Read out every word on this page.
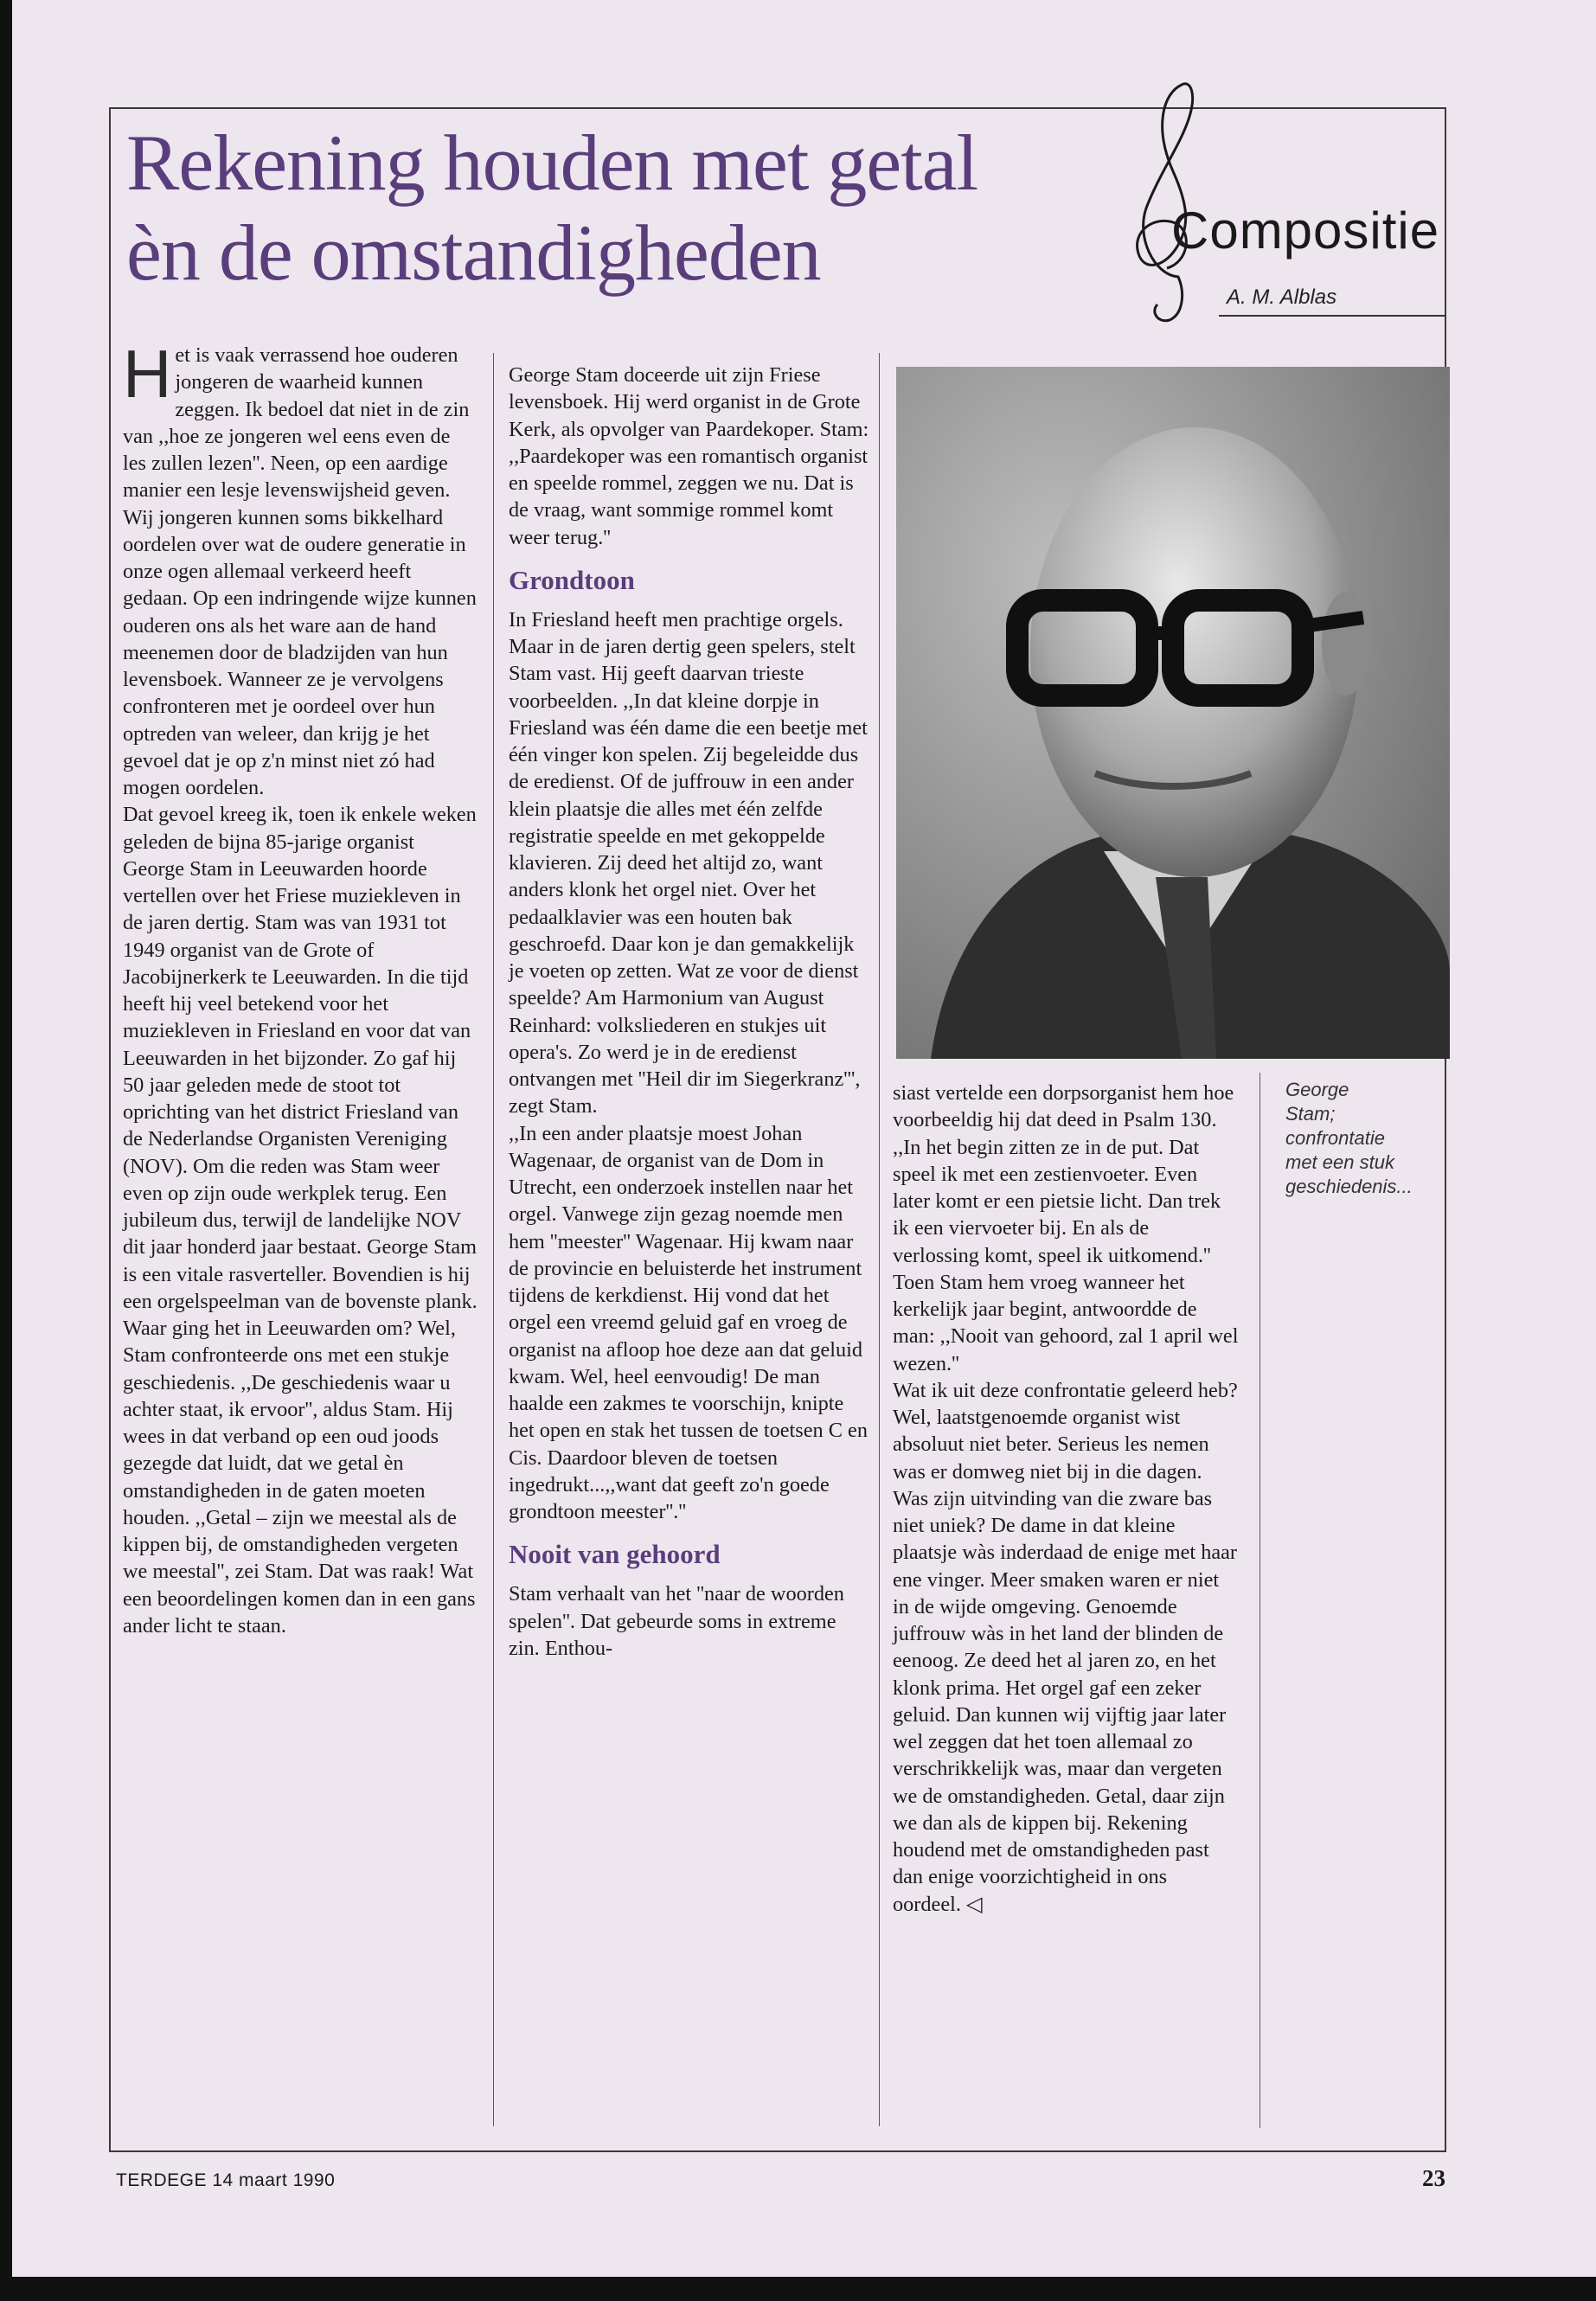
Rekening houden met getal
èn de omstandigheden	Compositie
A. M. Alblas
H et is vaak verrassend hoe ouderen jongeren de waarheid kunnen zeggen. Ik bedoel dat niet in de zin van ,,hoe ze jongeren wel eens even de les zullen lezen''. Neen, op een aardige manier een lesje levenswijsheid geven. Wij jongeren kunnen soms bikkelhard oordelen over wat de oudere generatie in onze ogen allemaal verkeerd heeft gedaan. Op een indringende wijze kunnen ouderen ons als het ware aan de hand meenemen door de bladzijden van hun levensboek. Wanneer ze je vervolgens confronteren met je oordeel over hun optreden van weleer, dan krijg je het gevoel dat je op z'n minst niet zó had mogen oordelen.

Dat gevoel kreeg ik, toen ik enkele weken geleden de bijna 85-jarige organist George Stam in Leeuwarden hoorde vertellen over het Friese muziekleven in de jaren dertig. Stam was van 1931 tot 1949 organist van de Grote of Jacobijnerkerk te Leeuwarden. In die tijd heeft hij veel betekend voor het muziekleven in Friesland en voor dat van Leeuwarden in het bijzonder. Zo gaf hij 50 jaar geleden mede de stoot tot oprichting van het district Friesland van de Nederlandse Organisten Vereniging (NOV). Om die reden was Stam weer even op zijn oude werkplek terug. Een jubileum dus, terwijl de landelijke NOV dit jaar honderd jaar bestaat. George Stam is een vitale rasverteller. Bovendien is hij een orgelspeelman van de bovenste plank.

Waar ging het in Leeuwarden om? Wel, Stam confronteerde ons met een stukje geschiedenis. ,,De geschiedenis waar u achter staat, ik ervoor'', aldus Stam. Hij wees in dat verband op een oud joods gezegde dat luidt, dat we getal èn omstandigheden in de gaten moeten houden. ,,Getal – zijn we meestal als de kippen bij, de omstandigheden vergeten we meestal'', zei Stam. Dat was raak! Wat een beoordelingen komen dan in een gans ander licht te staan.

George Stam doceerde uit zijn Friese levensboek. Hij werd organist in de Grote Kerk, als opvolger van Paardekoper. Stam: ,,Paardekoper was een romantisch organist en speelde rommel, zeggen we nu. Dat is de vraag, want sommige rommel komt weer terug.''

Grondtoon

In Friesland heeft men prachtige orgels. Maar in de jaren dertig geen spelers, stelt Stam vast. Hij geeft daarvan trieste voorbeelden. ,,In dat kleine dorpje in Friesland was één dame die een beetje met één vinger kon spelen. Zij begeleidde dus de eredienst. Of de juffrouw in een ander klein plaatsje die alles met één zelfde registratie speelde en met gekoppelde klavieren. Zij deed het altijd zo, want anders klonk het orgel niet. Over het pedaalklavier was een houten bak geschroefd. Daar kon je dan gemakkelijk je voeten op zetten. Wat ze voor de dienst speelde? Am Harmonium van August Reinhard: volksliederen en stukjes uit opera's. Zo werd je in de eredienst ontvangen met ''Heil dir im Siegerkranz''', zegt Stam.

,,In een ander plaatsje moest Johan Wagenaar, de organist van de Dom in Utrecht, een onderzoek instellen naar het orgel. Vanwege zijn gezag noemde men hem ''meester'' Wagenaar. Hij kwam naar de provincie en beluisterde het instrument tijdens de kerkdienst. Hij vond dat het orgel een vreemd geluid gaf en vroeg de organist na afloop hoe deze aan dat geluid kwam. Wel, heel eenvoudig! De man haalde een zakmes te voorschijn, knipte het open en stak het tussen de toetsen C en Cis. Daardoor bleven de toetsen ingedrukt...,,want dat geeft zo'n goede grondtoon meester''.''

Nooit van gehoord

Stam verhaalt van het ''naar de woorden spelen''. Dat gebeurde soms in extreme zin. Enthou-

siast vertelde een dorpsorganist hem hoe voorbeeldig hij dat deed in Psalm 130. ,,In het begin zitten ze in de put. Dat speel ik met een zestienvoeter. Even later komt er een pietsie licht. Dan trek ik een viervoeter bij. En als de verlossing komt, speel ik uitkomend.'' Toen Stam hem vroeg wanneer het kerkelijk jaar begint, antwoordde de man: ,,Nooit van gehoord, zal 1 april wel wezen.''

Wat ik uit deze confrontatie geleerd heb? Wel, laatstgenoemde organist wist absoluut niet beter. Serieus les nemen was er domweg niet bij in die dagen. Was zijn uitvinding van die zware bas niet uniek? De dame in dat kleine plaatsje wàs inderdaad de enige met haar ene vinger. Meer smaken waren er niet in de wijde omgeving. Genoemde juffrouw wàs in het land der blinden de eenoog. Ze deed het al jaren zo, en het klonk prima. Het orgel gaf een zeker geluid. Dan kunnen wij vijftig jaar later wel zeggen dat het toen allemaal zo verschrikkelijk was, maar dan vergeten we de omstandigheden. Getal, daar zijn we dan als de kippen bij. Rekening houdend met de omstandigheden past dan enige voorzichtigheid in ons oordeel. ◁

George Stam; confrontatie met een stuk geschiedenis...
TERDEGE 14 maart 1990	23
